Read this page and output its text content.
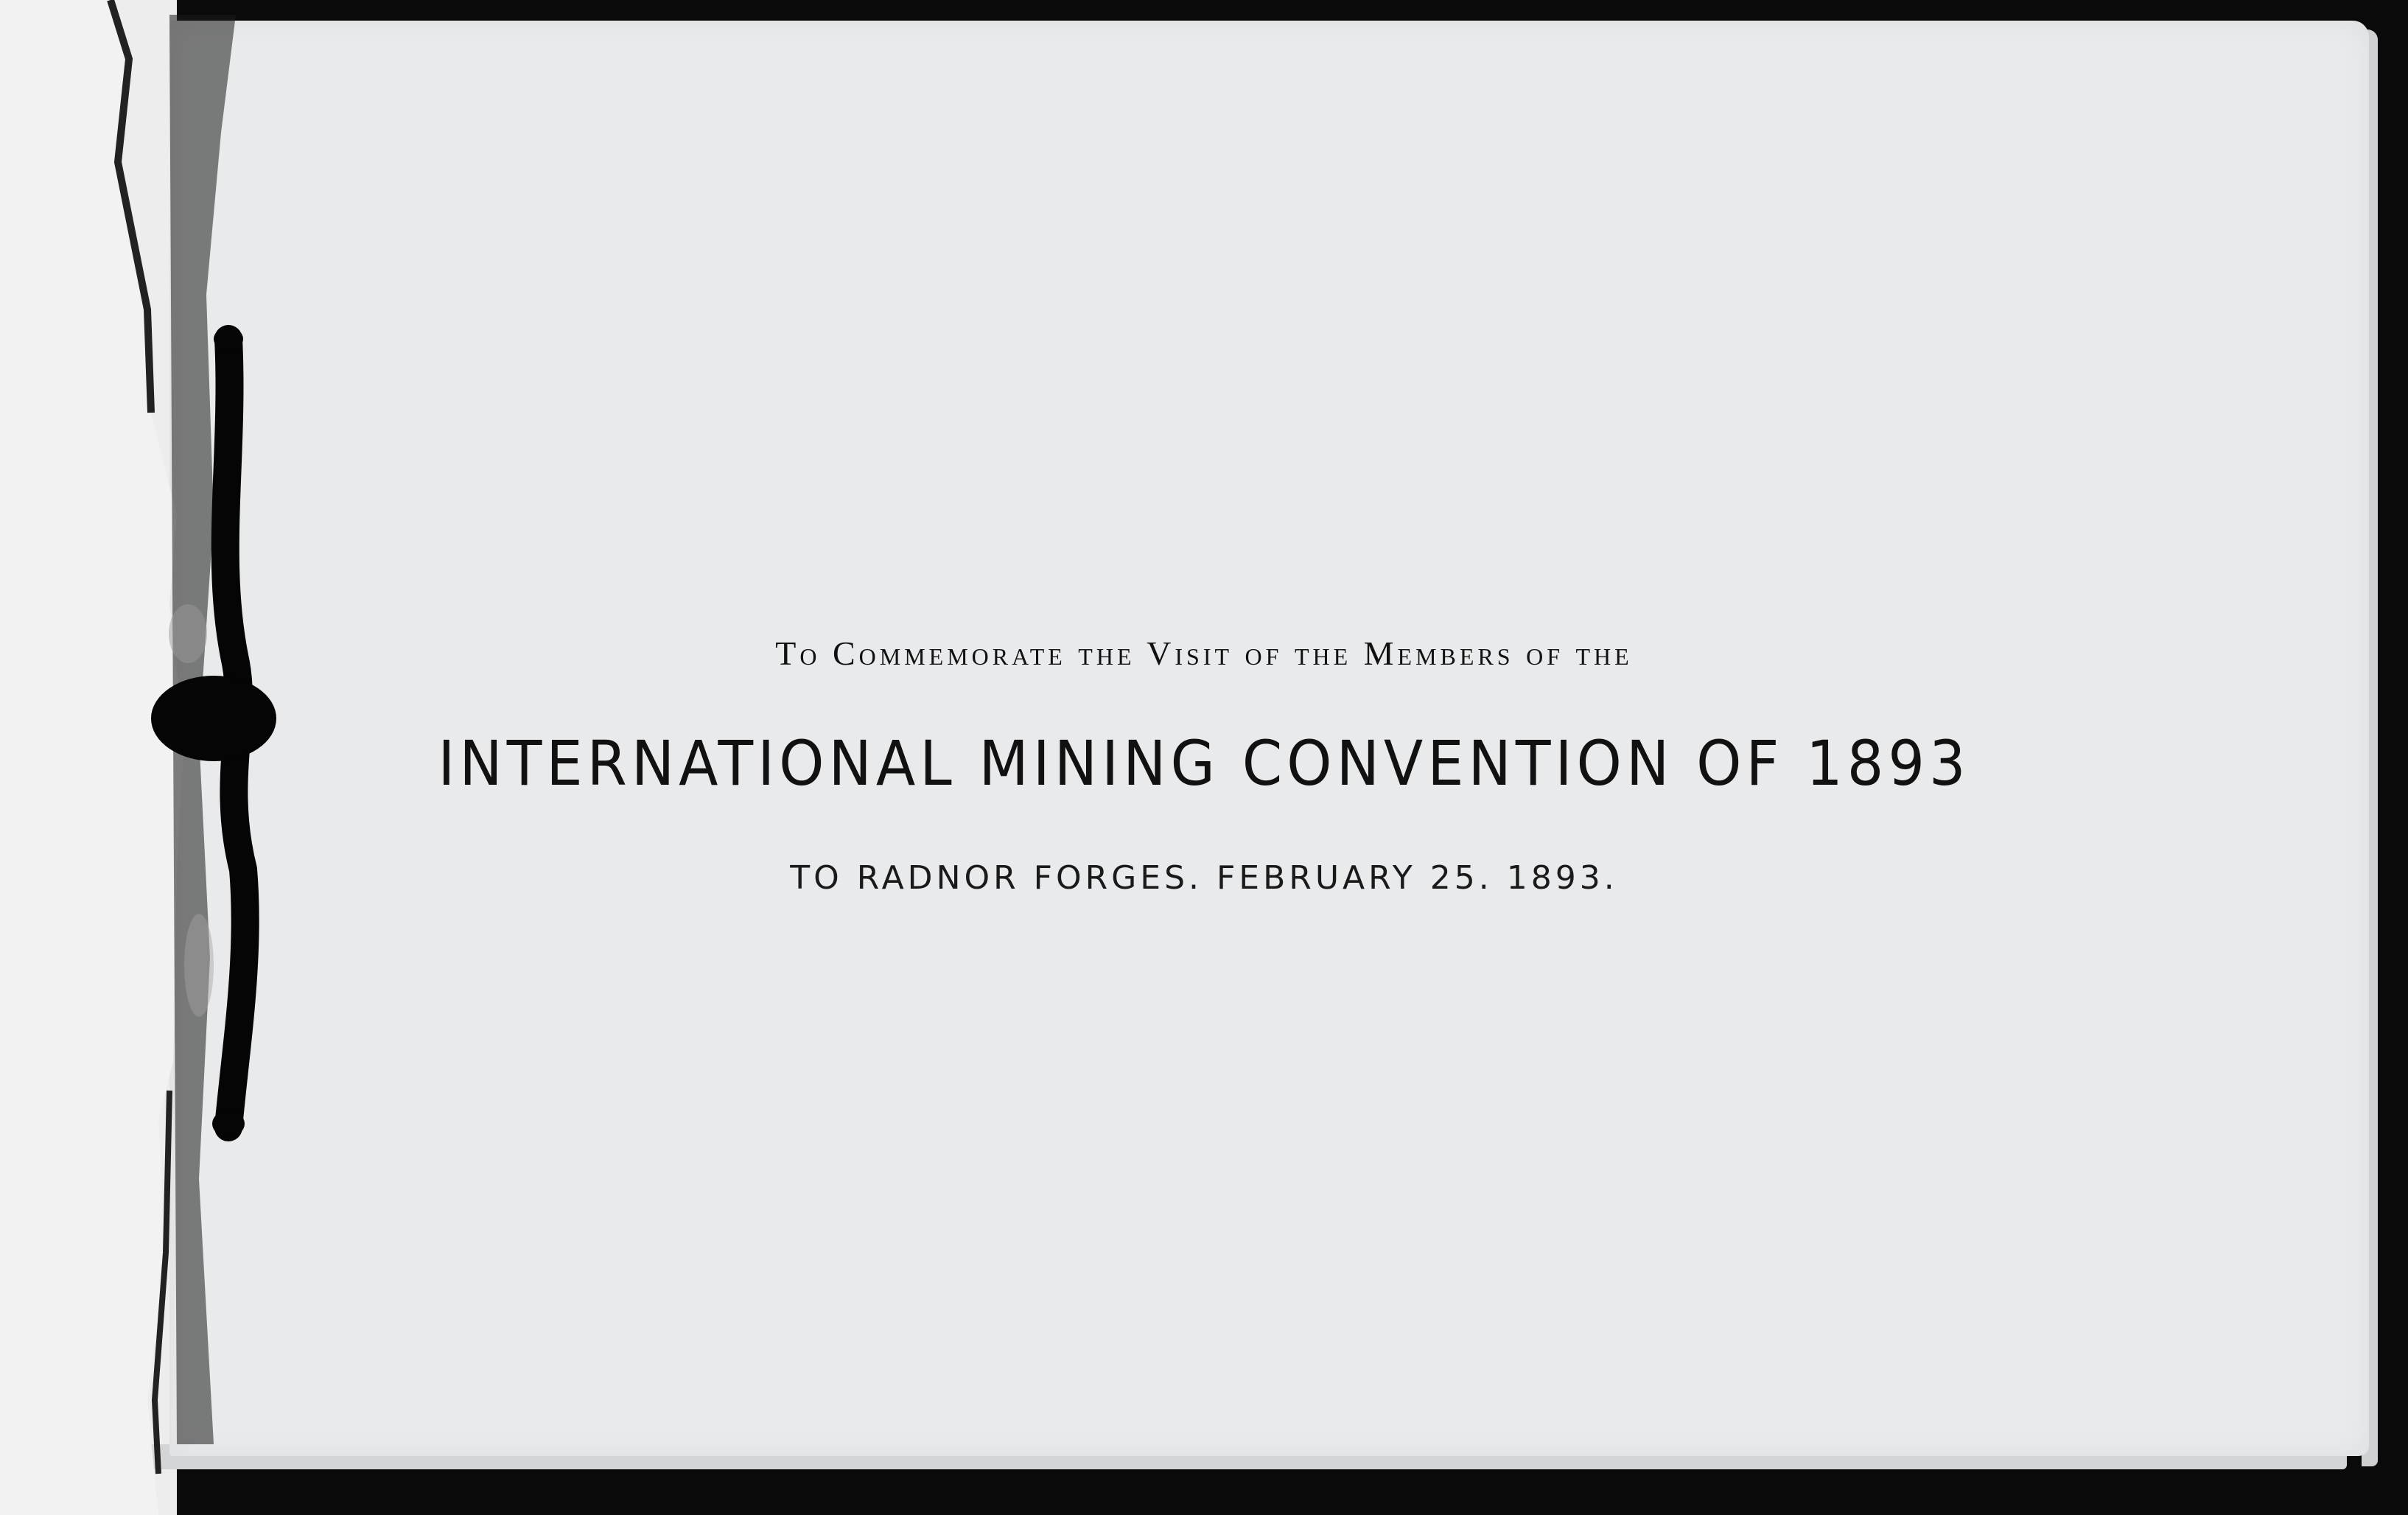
To Commemorate the Visit of the Members of the
INTERNATIONAL MINING CONVENTION OF 1893
TO RADNOR FORGES. FEBRUARY 25. 1893.
